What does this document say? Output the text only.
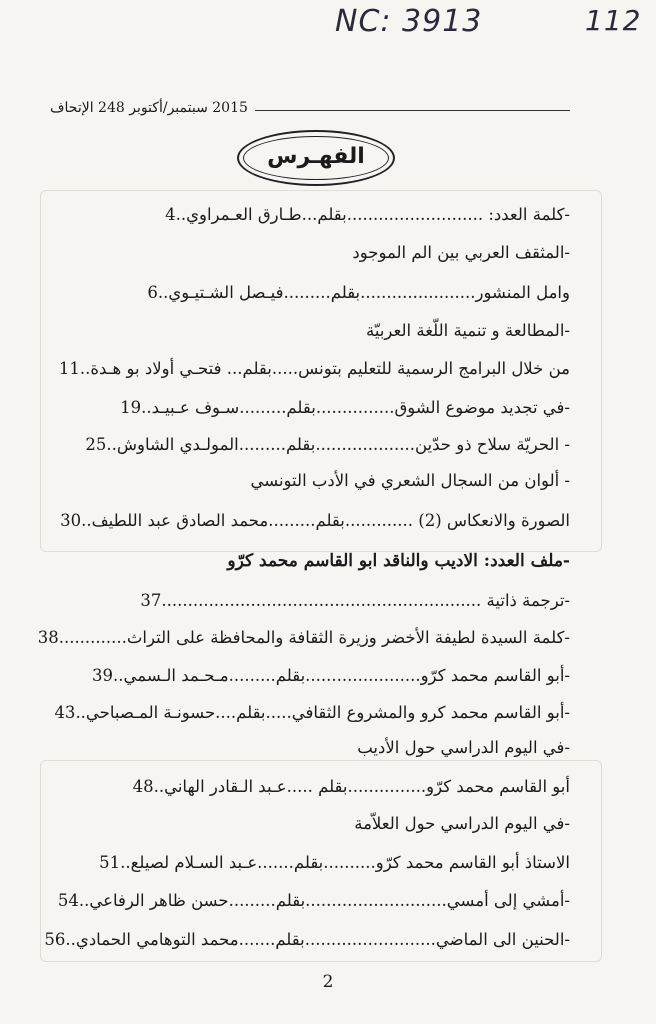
NC: 3913	112
2015 سبتمبر/أكتوبر 248 الإتحاف
الفهـرس
-كلمة العدد: ..........................بقلم...طـارق العـمراوي..4
-المثقف العربي بين الم الموجود
وامل المنشور......................بقلم.........فيـصل الشـتيـوي..6
-المطالعة و تنمية اللّغة العربيّة
من خلال البرامج الرسمية للتعليم بتونس.....بقلم... فتحـي أولاد بو هـدة..11
-في تجديد موضوع الشوق...............بقلم.........سـوف عـبيـد..19
- الحريّة سلاح ذو حدّين...................بقلم.........المولـدي الشاوش..25
- ألوان من السجال الشعري في الأدب التونسي
الصورة والانعكاس (2) .............بقلم.........محمد الصادق عبد اللطيف..30
-ملف العدد: الاديب والناقد ابو القاسم محمد كرّو
-ترجمة ذاتية .............................................................37
-كلمة السيدة لطيفة الأخضر وزيرة الثقافة والمحافظة على التراث.............38
-أبو القاسم محمد كرّو......................بقلم.........مـحـمد الـسمي..39
-أبو القاسم محمد كرو والمشروع الثقافي.....بقلم....حسونـة المـصباحي..43
-في اليوم الدراسي حول الأديب
أبو القاسم محمد كرّو...............بقلم .....عـبد الـقادر الهاني..48
-في اليوم الدراسي حول العلاّمة
الاستاذ أبو القاسم محمد كرّو..........بقلم.......عـبد السـلام لصيلع..51
-أمشي إلى أمسي...........................بقلم.........حسن ظاهر الرفاعي..54
-الحنين الى الماضي.........................بقلم.......محمد التوهامي الحمادي..56
2
